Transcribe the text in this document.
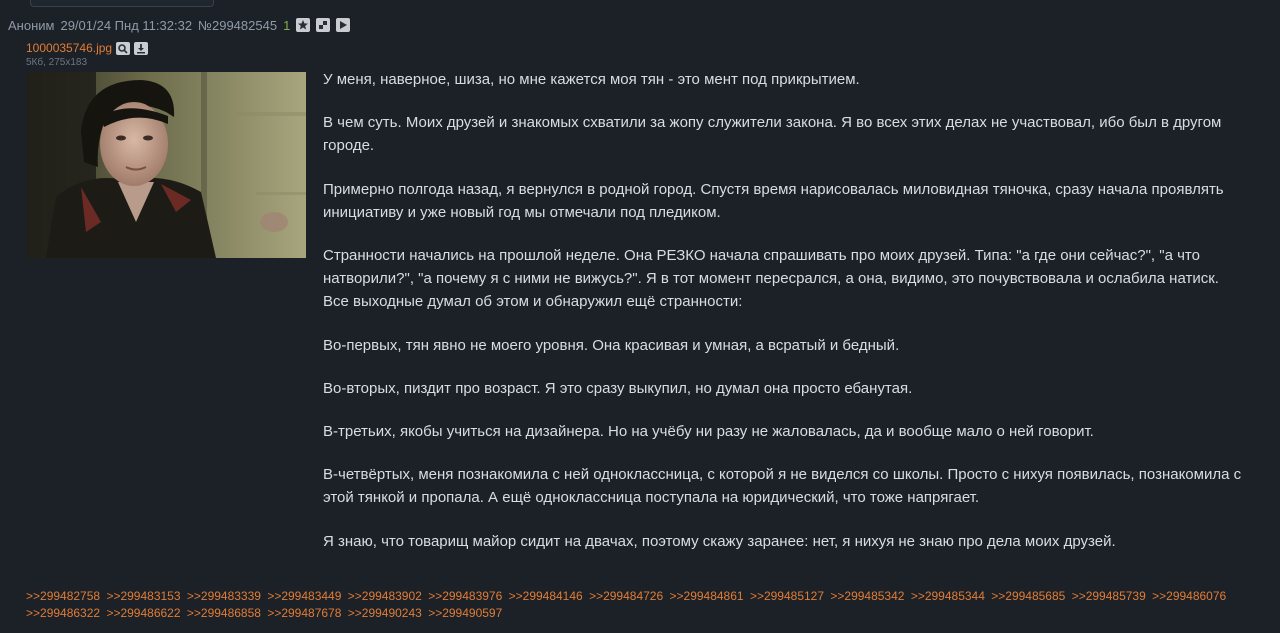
Аноним 29/01/24 Пнд 11:32:32 №299482545 1
1000035746.jpg
5Кб, 275x183

У меня, наверное, шиза, но мне кажется моя тян - это мент под прикрытием.

В чем суть. Моих друзей и знакомых схватили за жопу служители закона. Я во всех этих делах не участвовал, ибо был в другом городе.

Примерно полгода назад, я вернулся в родной город. Спустя время нарисовалась миловидная тяночка, сразу начала проявлять инициативу и уже новый год мы отмечали под пледиком.

Странности начались на прошлой неделе. Она РЕЗКО начала спрашивать про моих друзей. Типа: "а где они сейчас?", "а что натворили?", "а почему я с ними не вижусь?". Я в тот момент пересрался, а она, видимо, это почувствовала и ослабила натиск.

Все выходные думал об этом и обнаружил ещё странности:

Во-первых, тян явно не моего уровня. Она красивая и умная, а всратый и бедный.

Во-вторых, пиздит про возраст. Я это сразу выкупил, но думал она просто ебанутая.

В-третьих, якобы учиться на дизайнера. Но на учёбу ни разу не жаловалась, да и вообще мало о ней говорит.

В-четвёртых, меня познакомила с ней одноклассница, с которой я не виделся со школы. Просто с нихуя появилась, познакомила с этой тянкой и пропала. А ещё одноклассница поступала на юридический, что тоже напрягает.

Я знаю, что товарищ майор сидит на двачах, поэтому скажу заранее: нет, я нихуя не знаю про дела моих друзей.

>>299482758 >>299483153 >>299483339 >>299483449 >>299483902 >>299483976 >>299484146 >>299484726 >>299484861 >>299485127 >>299485342 >>299485344 >>299485685 >>299485739 >>299486076 >>299486322 >>299486622 >>299486858 >>299487678 >>299490243 >>299490597
